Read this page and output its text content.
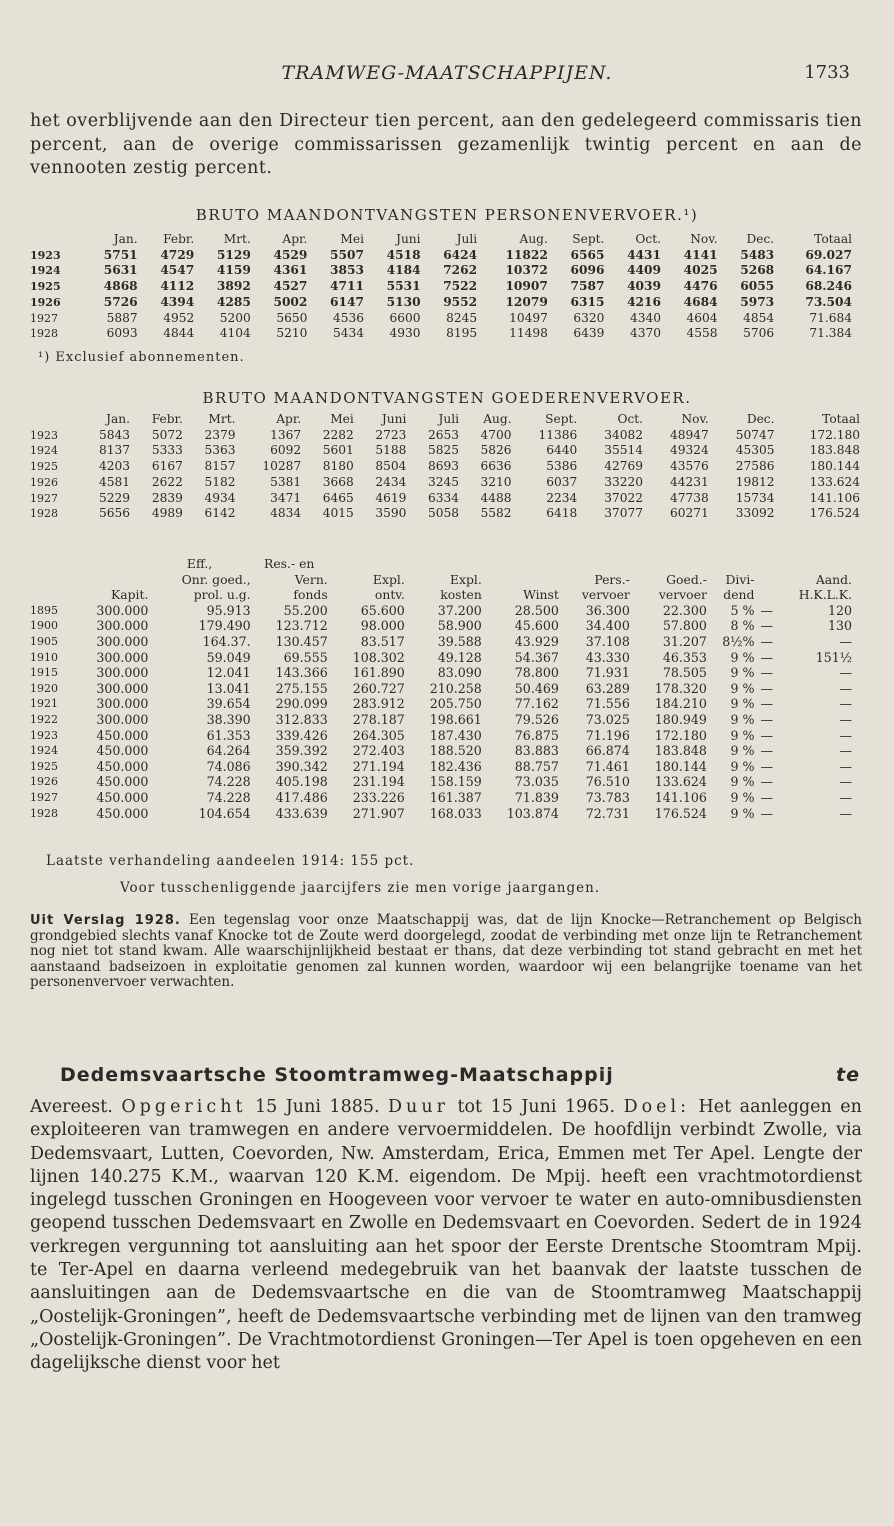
TRAMWEG-MAATSCHAPPIJEN.	1733
het overblijvende aan den Directeur tien percent, aan den gedelegeerd commissaris tien percent, aan de overige commissarissen gezamenlijk twintig percent en aan de vennooten zestig percent.
BRUTO MAANDONTVANGSTEN PERSONENVERVOER.¹)
	Jan.	Febr.	Mrt.	Apr.	Mei	Juni	Juli	Aug.	Sept.	Oct.	Nov.	Dec.	Totaal
1923	5751	4729	5129	4529	5507	4518	6424	11822	6565	4431	4141	5483	69.027
1924	5631	4547	4159	4361	3853	4184	7262	10372	6096	4409	4025	5268	64.167
1925	4868	4112	3892	4527	4711	5531	7522	10907	7587	4039	4476	6055	68.246
1926	5726	4394	4285	5002	6147	5130	9552	12079	6315	4216	4684	5973	73.504
1927	5887	4952	5200	5650	4536	6600	8245	10497	6320	4340	4604	4854	71.684
1928	6093	4844	4104	5210	5434	4930	8195	11498	6439	4370	4558	5706	71.384
¹) Exclusief abonnementen.
BRUTO MAANDONTVANGSTEN GOEDERENVERVOER.
	Jan.	Febr.	Mrt.	Apr.	Mei	Juni	Juli	Aug.	Sept.	Oct.	Nov.	Dec.	Totaal
1923	5843	5072	2379	1367	2282	2723	2653	4700	11386	34082	48947	50747	172.180
1924	8137	5333	5363	6092	5601	5188	5825	5826	6440	35514	49324	45305	183.848
1925	4203	6167	8157	10287	8180	8504	8693	6636	5386	42769	43576	27586	180.144
1926	4581	2622	5182	5381	3668	2434	3245	3210	6037	33220	44231	19812	133.624
1927	5229	2839	4934	3471	6465	4619	6334	4488	2234	37022	47738	15734	141.106
1928	5656	4989	6142	4834	4015	3590	5058	5582	6418	37077	60271	33092	176.524
		Eff.,	Res.- en								
		Onr. goed.,	Vern.	Expl.	Expl.		Pers.-	Goed.-	Divi-		Aand.
	Kapit.	prol. u.g.	fonds	ontv.	kosten	Winst	vervoer	vervoer	dend		H.K.L.K.
1895	300.000	95.913	55.200	65.600	37.200	28.500	36.300	22.300	5 %	—	120
1900	300.000	179.490	123.712	98.000	58.900	45.600	34.400	57.800	8 %	—	130
1905	300.000	164.37.	130.457	83.517	39.588	43.929	37.108	31.207	8½%	—	—
1910	300.000	59.049	69.555	108.302	49.128	54.367	43.330	46.353	9 %	—	151½
1915	300.000	12.041	143.366	161.890	83.090	78.800	71.931	78.505	9 %	—	—
1920	300.000	13.041	275.155	260.727	210.258	50.469	63.289	178.320	9 %	—	—
1921	300.000	39.654	290.099	283.912	205.750	77.162	71.556	184.210	9 %	—	—
1922	300.000	38.390	312.833	278.187	198.661	79.526	73.025	180.949	9 %	—	—
1923	450.000	61.353	339.426	264.305	187.430	76.875	71.196	172.180	9 %	—	—
1924	450.000	64.264	359.392	272.403	188.520	83.883	66.874	183.848	9 %	—	—
1925	450.000	74.086	390.342	271.194	182.436	88.757	71.461	180.144	9 %	—	—
1926	450.000	74.228	405.198	231.194	158.159	73.035	76.510	133.624	9 %	—	—
1927	450.000	74.228	417.486	233.226	161.387	71.839	73.783	141.106	9 %	—	—
1928	450.000	104.654	433.639	271.907	168.033	103.874	72.731	176.524	9 %	—	—
Laatste verhandeling aandeelen 1914: 155 pct.
Voor tusschenliggende jaarcijfers zie men vorige jaargangen.
Uit Verslag 1928. Een tegenslag voor onze Maatschappij was, dat de lijn Knocke—Retranchement op Belgisch grondgebied slechts vanaf Knocke tot de Zoute werd doorgelegd, zoodat de verbinding met onze lijn te Retranchement nog niet tot stand kwam. Alle waarschijnlijkheid bestaat er thans, dat deze verbinding tot stand gebracht en met het aanstaand badseizoen in exploitatie genomen zal kunnen worden, waardoor wij een belangrijke toename van het personenvervoer verwachten.
Dedemsvaartsche Stoomtramweg-Maatschappij	te
Avereest. Opgericht 15 Juni 1885. Duur tot 15 Juni 1965. Doel: Het aanleggen en exploiteeren van tramwegen en andere vervoermiddelen. De hoofdlijn verbindt Zwolle, via Dedemsvaart, Lutten, Coevorden, Nw. Amsterdam, Erica, Emmen met Ter Apel. Lengte der lijnen 140.275 K.M., waarvan 120 K.M. eigendom. De Mpij. heeft een vrachtmotordienst ingelegd tusschen Groningen en Hoogeveen voor vervoer te water en auto-omnibusdiensten geopend tusschen Dedemsvaart en Zwolle en Dedemsvaart en Coevorden. Sedert de in 1924 verkregen vergunning tot aansluiting aan het spoor der Eerste Drentsche Stoomtram Mpij. te Ter-Apel en daarna verleend medegebruik van het baanvak der laatste tusschen de aansluitingen aan de Dedemsvaartsche en die van de Stoomtramweg Maatschappij „Oostelijk-Groningen”, heeft de Dedemsvaartsche verbinding met de lijnen van den tramweg „Oostelijk-Groningen”. De Vrachtmotordienst Groningen—Ter Apel is toen opgeheven en een dagelijksche dienst voor het
